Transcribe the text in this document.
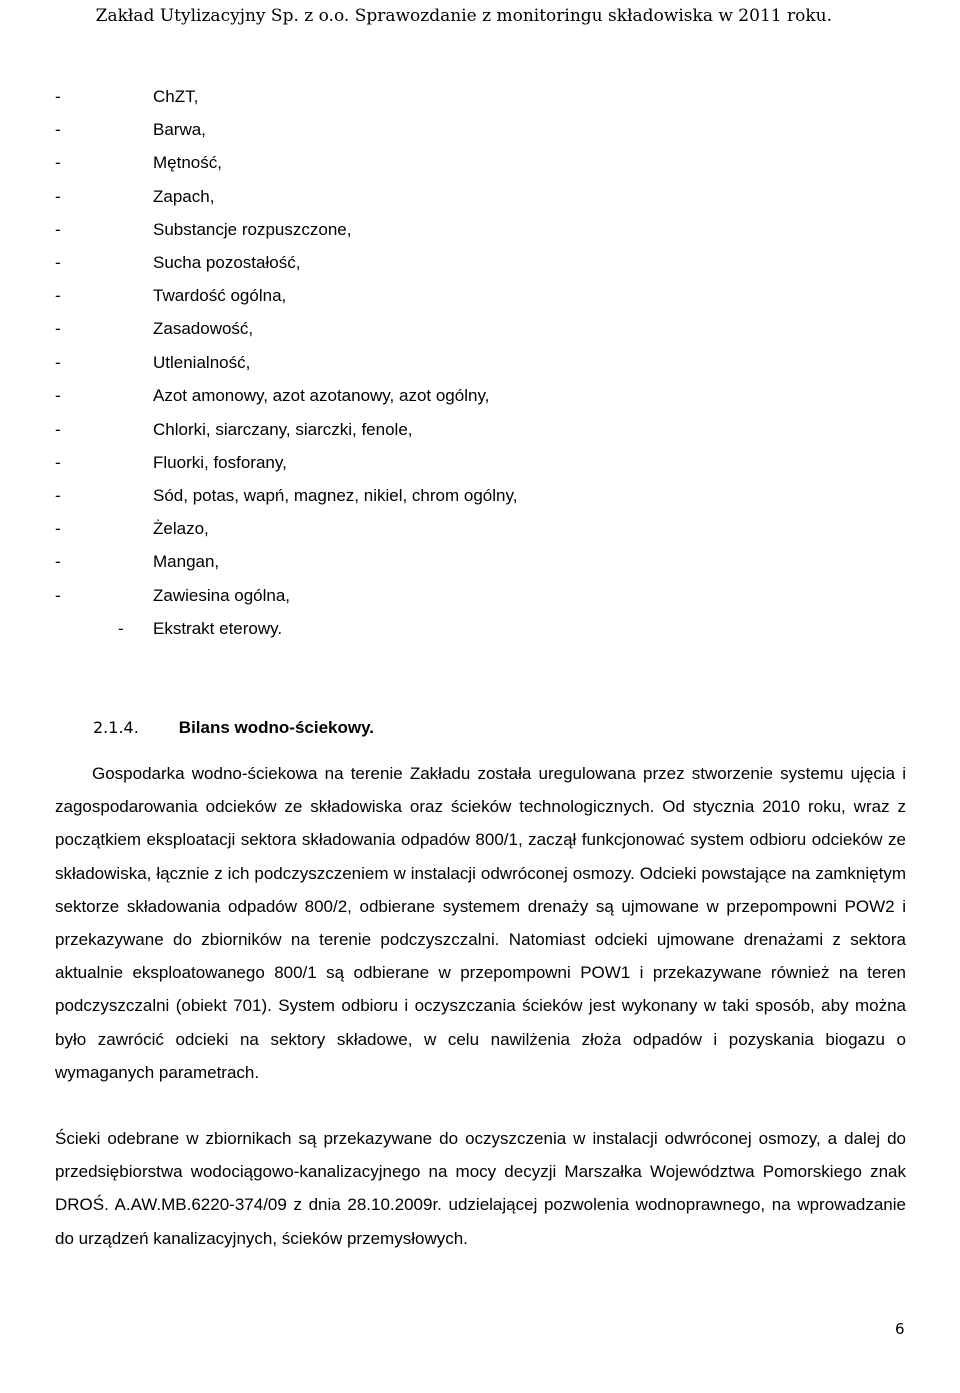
Zakład Utylizacyjny Sp. z o.o. Sprawozdanie z monitoringu składowiska w 2011 roku.
-	ChZT,
-	Barwa,
-	Mętność,
-	Zapach,
-	Substancje rozpuszczone,
-	Sucha pozostałość,
-	Twardość ogólna,
-	Zasadowość,
-	Utlenialność,
-	Azot amonowy, azot azotanowy, azot ogólny,
-	Chlorki, siarczany, siarczki, fenole,
-	Fluorki, fosforany,
-	Sód, potas, wapń, magnez, nikiel, chrom ogólny,
-	Żelazo,
-	Mangan,
-	Zawiesina ogólna,
- Ekstrakt eterowy.
2.1.4. Bilans wodno-ściekowy.

Gospodarka wodno-ściekowa na terenie Zakładu została uregulowana przez stworzenie systemu ujęcia i zagospodarowania odcieków ze składowiska oraz ścieków technologicznych. Od stycznia 2010 roku, wraz z początkiem eksploatacji sektora składowania odpadów 800/1, zaczął funkcjonować system odbioru odcieków ze składowiska, łącznie z ich podczyszczeniem w instalacji odwróconej osmozy. Odcieki powstające na zamkniętym sektorze składowania odpadów 800/2, odbierane systemem drenaży są ujmowane w przepompowni POW2 i przekazywane do zbiorników na terenie podczyszczalni. Natomiast odcieki ujmowane drenażami z sektora aktualnie eksploatowanego 800/1 są odbierane w przepompowni POW1 i przekazywane również na teren podczyszczalni (obiekt 701). System odbioru i oczyszczania ścieków jest wykonany w taki sposób, aby można było zawrócić odcieki na sektory składowe, w celu nawilżenia złoża odpadów i pozyskania biogazu o wymaganych parametrach.

Ścieki odebrane w zbiornikach są przekazywane do oczyszczenia w instalacji odwróconej osmozy, a dalej do przedsiębiorstwa wodociągowo-kanalizacyjnego na mocy decyzji Marszałka Województwa Pomorskiego znak DROŚ. A.AW.MB.6220-374/09 z dnia 28.10.2009r. udzielającej pozwolenia wodnoprawnego, na wprowadzanie do urządzeń kanalizacyjnych, ścieków przemysłowych.

6
